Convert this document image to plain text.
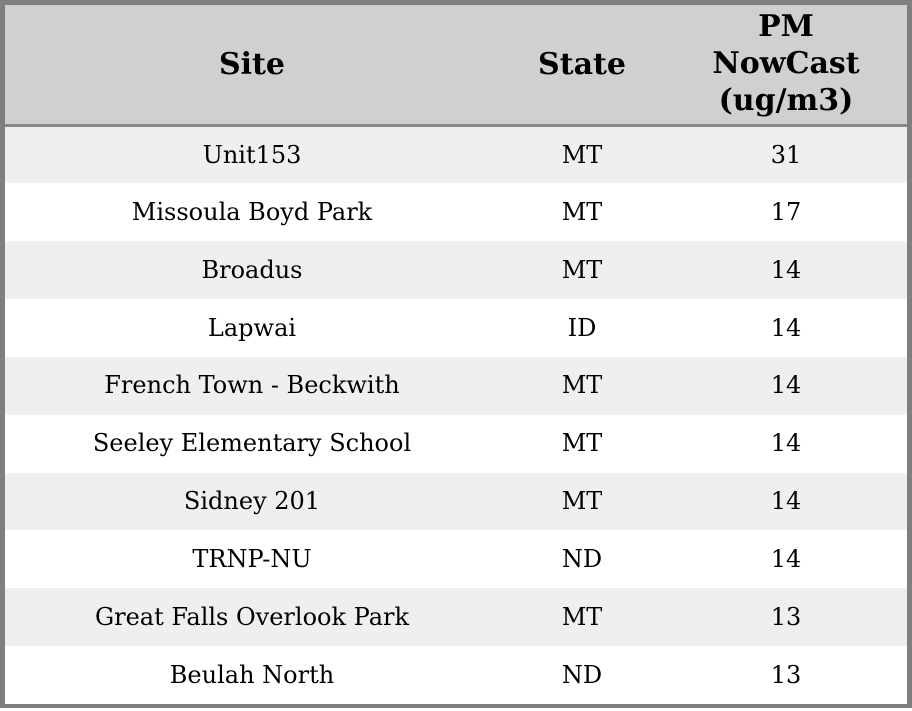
Site	State	PM NowCast (ug/m3)
Unit153	MT	31
Missoula Boyd Park	MT	17
Broadus	MT	14
Lapwai	ID	14
French Town - Beckwith	MT	14
Seeley Elementary School	MT	14
Sidney 201	MT	14
TRNP-NU	ND	14
Great Falls Overlook Park	MT	13
Beulah North	ND	13
